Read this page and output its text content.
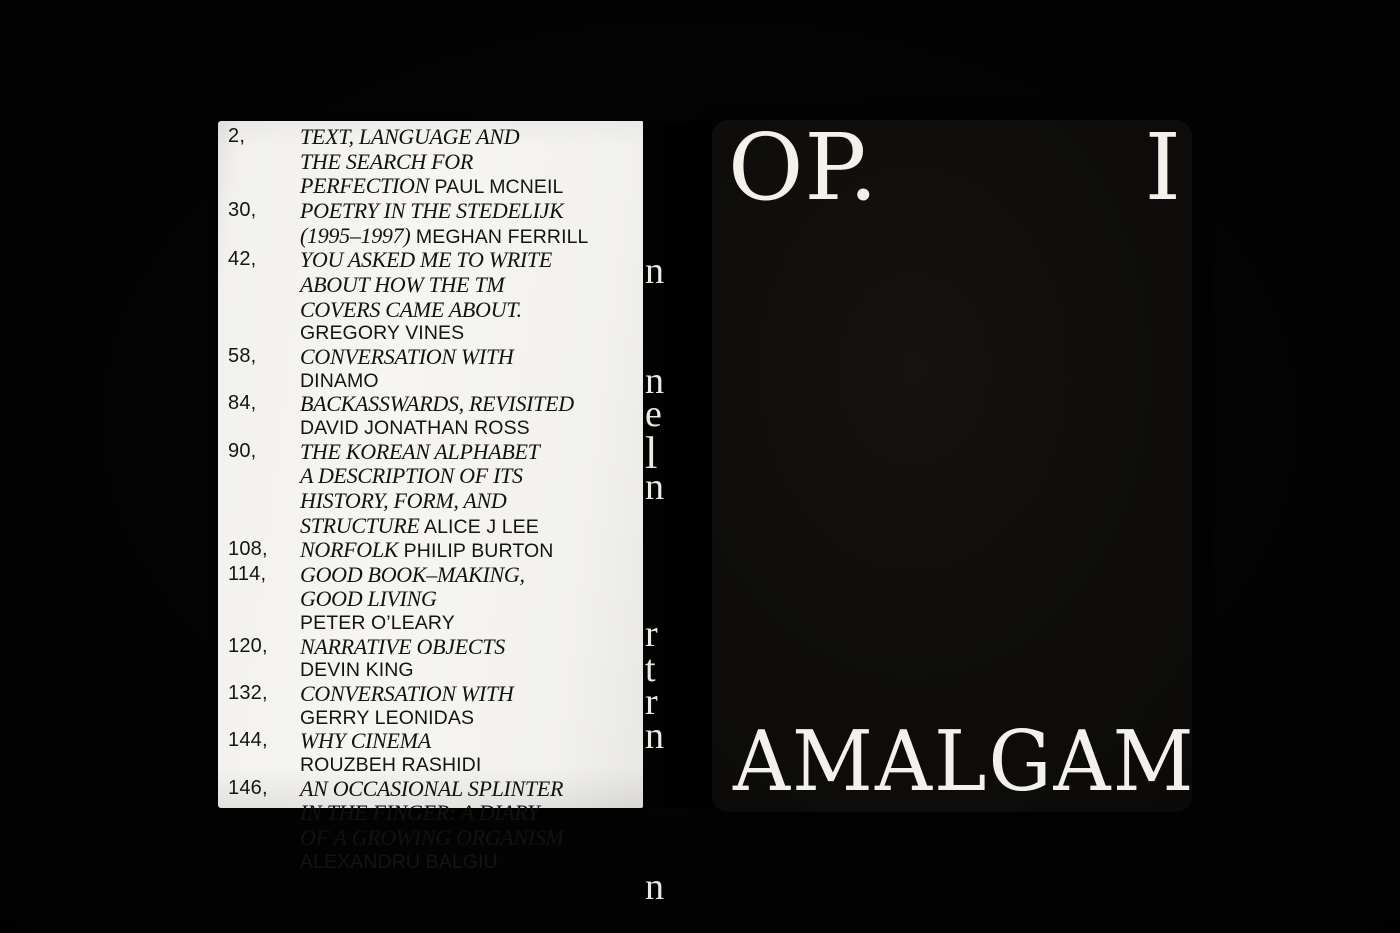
2,	TEXT, LANGUAGE AND
THE SEARCH FOR
PERFECTION PAUL MCNEIL
30,	POETRY IN THE STEDELIJK
(1995–1997) MEGHAN FERRILL
42,	YOU ASKED ME TO WRITE
ABOUT HOW THE TM
COVERS CAME ABOUT.
GREGORY VINES
58,	CONVERSATION WITH
DINAMO
84,	BACKASSWARDS, REVISITED
DAVID JONATHAN ROSS
90,	THE KOREAN ALPHABET
A DESCRIPTION OF ITS
HISTORY, FORM, AND
STRUCTURE ALICE J LEE
108,	NORFOLK PHILIP BURTON
114,	GOOD BOOK–MAKING,
GOOD LIVING
PETER O’LEARY
120,	NARRATIVE OBJECTS
DEVIN KING
132,	CONVERSATION WITH
GERRY LEONIDAS
144,	WHY CINEMA
ROUZBEH RASHIDI
146,	AN OCCASIONAL SPLINTER
IN THE FINGER: A DIARY
OF A GROWING ORGANISM
ALEXANDRU BALGIU
n
n
e
l
n
r
t
r
n
n
OP.	I
AMALGAM
